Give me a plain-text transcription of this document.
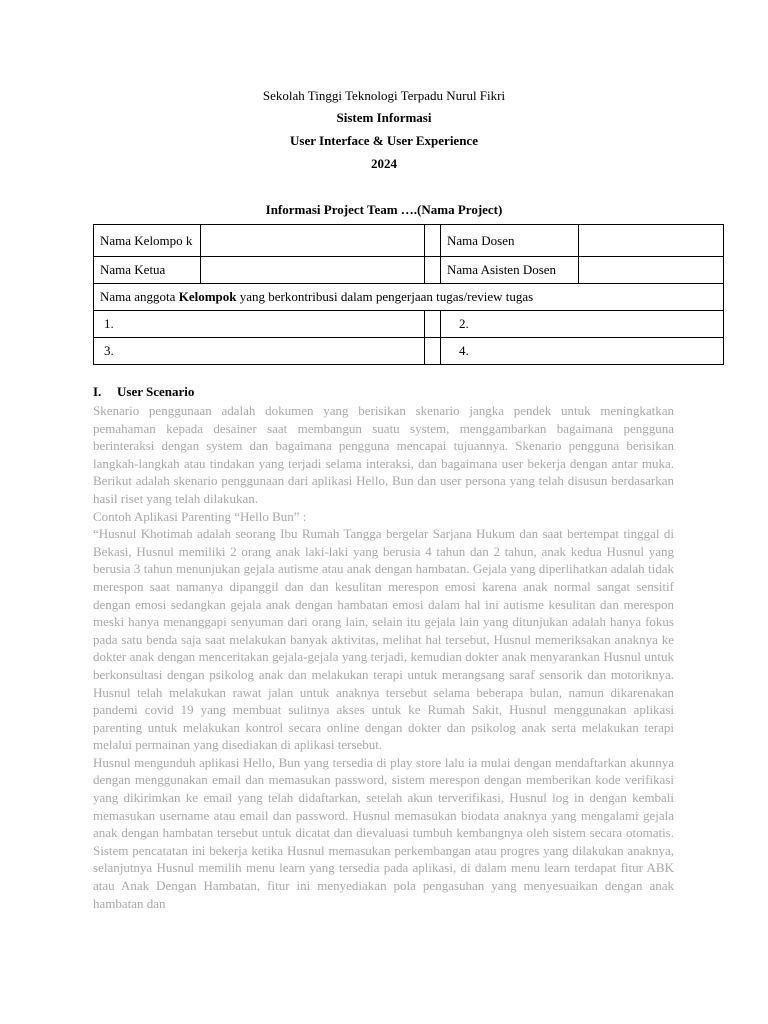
Sekolah Tinggi Teknologi Terpadu Nurul Fikri
Sistem Informasi
User Interface & User Experience
2024
Informasi Project Team ….(Nama Project)
Nama Kelompo k			Nama Dosen	
Nama Ketua			Nama Asisten Dosen	
Nama anggota Kelompok yang berkontribusi dalam pengerjaan tugas/review tugas				
1.			2.	
3.			4.	
I. User Scenario

Skenario penggunaan adalah dokumen yang berisikan skenario jangka pendek untuk meningkatkan pemahaman kepada desainer saat membangun suatu system, menggambarkan bagaimana pengguna berinteraksi dengan system dan bagaimana pengguna mencapai tujuannya. Skenario pengguna berisikan langkah-langkah atau tindakan yang terjadi selama interaksi, dan bagaimana user bekerja dengan antar muka. Berikut adalah skenario penggunaan dari aplikasi Hello, Bun dan user persona yang telah disusun berdasarkan hasil riset yang telah dilakukan.

Contoh Aplikasi Parenting “Hello Bun” :

“Husnul Khotimah adalah seorang Ibu Rumah Tangga bergelar Sarjana Hukum dan saat bertempat tinggal di Bekasi, Husnul memiliki 2 orang anak laki-laki yang berusia 4 tahun dan 2 tahun, anak kedua Husnul yang berusia 3 tahun menunjukan gejala autisme atau anak dengan hambatan. Gejala yang diperlihatkan adalah tidak merespon saat namanya dipanggil dan dan kesulitan merespon emosi karena anak normal sangat sensitif dengan emosi sedangkan gejala anak dengan hambatan emosi dalam hal ini autisme kesulitan dan merespon meski hanya menanggapi senyuman dari orang lain, selain itu gejala lain yang ditunjukan adalah hanya fokus pada satu benda saja saat melakukan banyak aktivitas, melihat hal tersebut, Husnul memeriksakan anaknya ke dokter anak dengan menceritakan gejala-gejala yang terjadi, kemudian dokter anak menyarankan Husnul untuk berkonsultasi dengan psikolog anak dan melakukan terapi untuk merangsang saraf sensorik dan motoriknya. Husnul telah melakukan rawat jalan untuk anaknya tersebut selama beberapa bulan, namun dikarenakan pandemi covid 19 yang membuat sulitnya akses untuk ke Rumah Sakit, Husnul menggunakan aplikasi parenting untuk melakukan kontrol secara online dengan dokter dan psikolog anak serta melakukan terapi melalui permainan yang disediakan di aplikasi tersebut.

Husnul mengunduh aplikasi Hello, Bun yang tersedia di play store lalu ia mulai dengan mendaftarkan akunnya dengan menggunakan email dan memasukan password, sistem merespon dengan memberikan kode verifikasi yang dikirimkan ke email yang telah didaftarkan, setelah akun terverifikasi, Husnul log in dengan kembali memasukan username atau email dan password. Husnul memasukan biodata anaknya yang mengalami gejala anak dengan hambatan tersebut untuk dicatat dan dievaluasi tumbuh kembangnya oleh sistem secara otomatis. Sistem pencatatan ini bekerja ketika Husnul memasukan perkembangan atau progres yang dilakukan anaknya, selanjutnya Husnul memilih menu learn yang tersedia pada aplikasi, di dalam menu learn terdapat fitur ABK atau Anak Dengan Hambatan, fitur ini menyediakan pola pengasuhan yang menyesuaikan dengan anak hambatan dan
